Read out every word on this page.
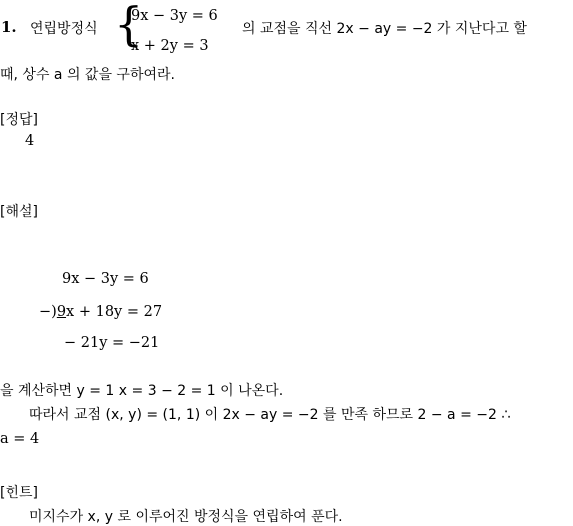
1. 연립방정식 {
9x − 3y = 6
x + 2y = 3
의 교점을 직선 2x − ay = −2 가 지난다고 할
때, 상수 a 의 값을 구하여라.
[정답]
4
[해설]
9x − 3y = 6
−)9x + 18y = 27
− 21y = −21
을 계산하면 y = 1 x = 3 − 2 = 1 이 나온다.
따라서 교점 (x, y) = (1, 1) 이 2x − ay = −2 를 만족 하므로 2 − a = −2 ∴
a = 4
[힌트]
미지수가 x, y 로 이루어진 방정식을 연립하여 푼다.
